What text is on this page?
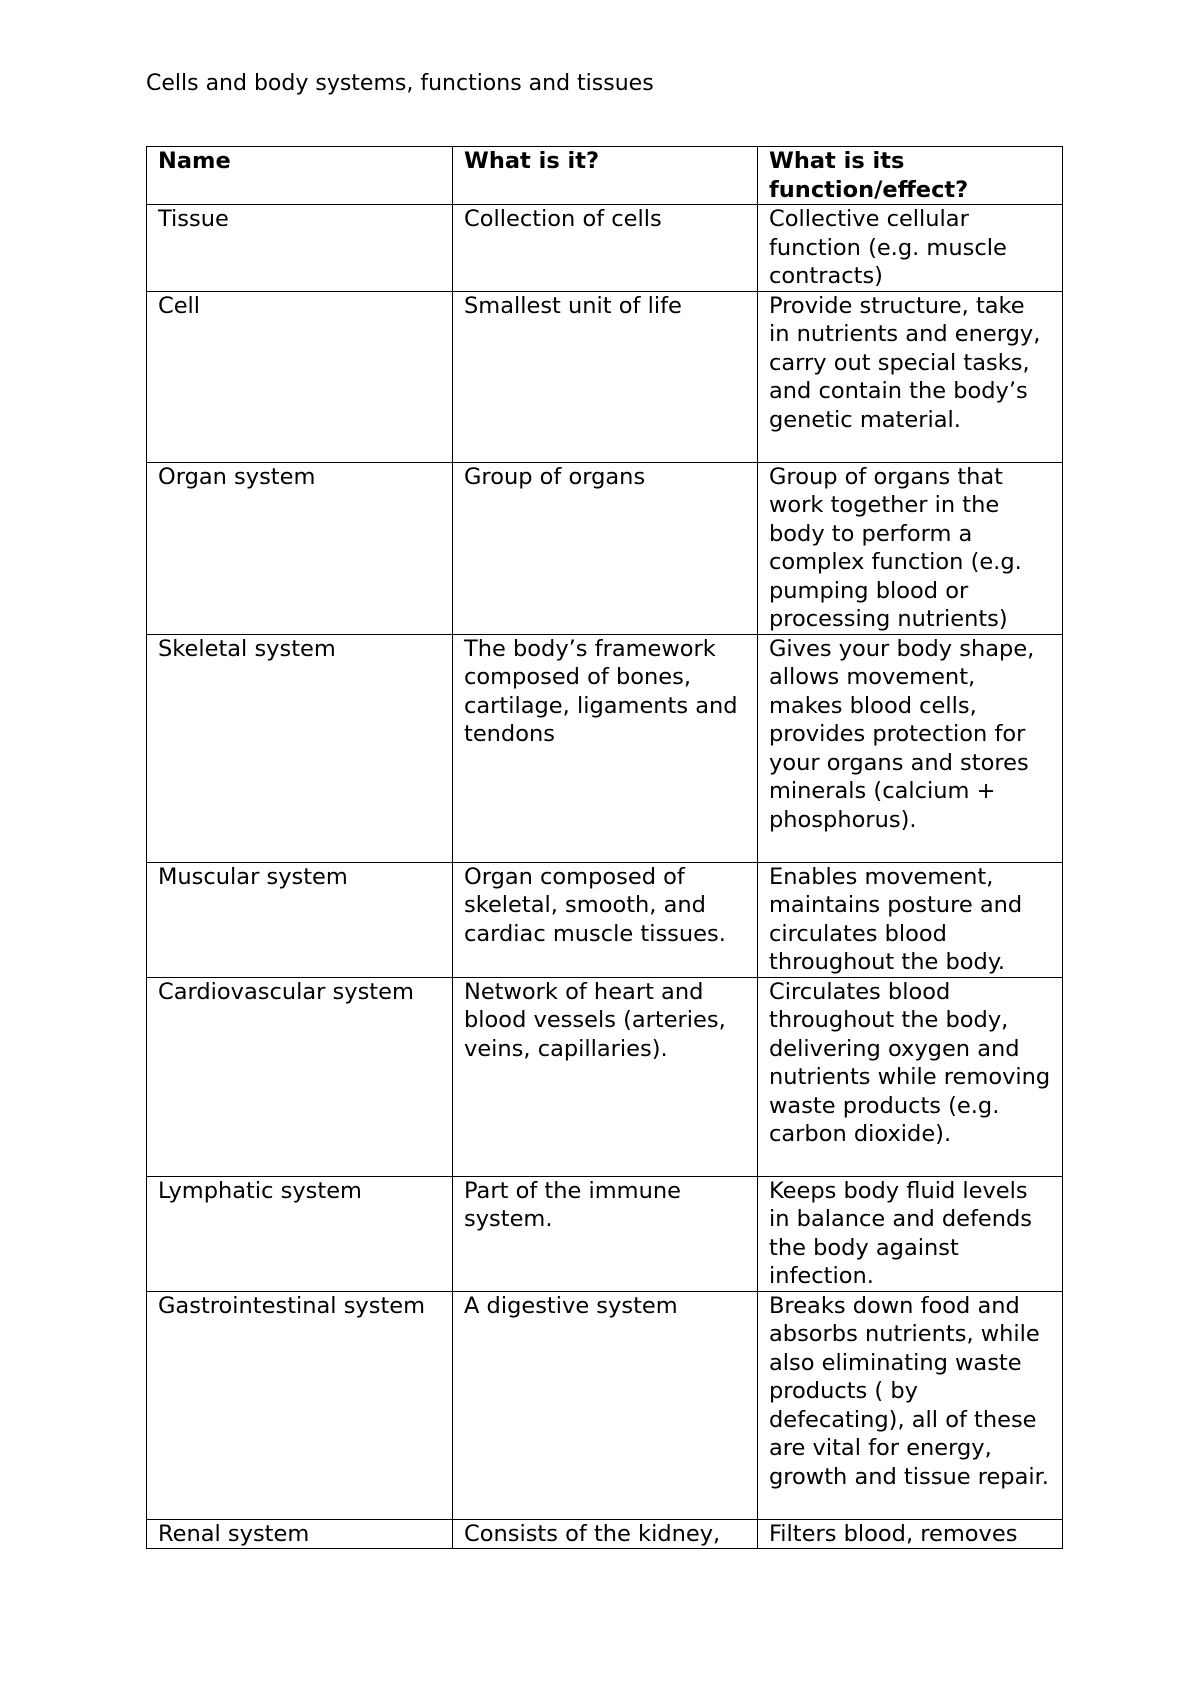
Cells and body systems, functions and tissues
Name	What is it?	What is its function/effect?
Tissue	Collection of cells	Collective cellular function (e.g. muscle contracts)
Cell	Smallest unit of life	Provide structure, take in nutrients and energy, carry out special tasks, and contain the body’s genetic material.
Organ system	Group of organs	Group of organs that work together in the body to perform a complex function (e.g. pumping blood or processing nutrients)
Skeletal system	The body’s framework composed of bones, cartilage, ligaments and tendons	Gives your body shape, allows movement, makes blood cells, provides protection for your organs and stores minerals (calcium + phosphorus).
Muscular system	Organ composed of skeletal, smooth, and cardiac muscle tissues.	Enables movement, maintains posture and circulates blood throughout the body.
Cardiovascular system	Network of heart and blood vessels (arteries, veins, capillaries).	Circulates blood throughout the body, delivering oxygen and nutrients while removing waste products (e.g. carbon dioxide).
Lymphatic system	Part of the immune system.	Keeps body fluid levels in balance and defends the body against infection.
Gastrointestinal system	A digestive system	Breaks down food and absorbs nutrients, while also eliminating waste products ( by defecating), all of these are vital for energy, growth and tissue repair.
Renal system	Consists of the kidney,	Filters blood, removes
